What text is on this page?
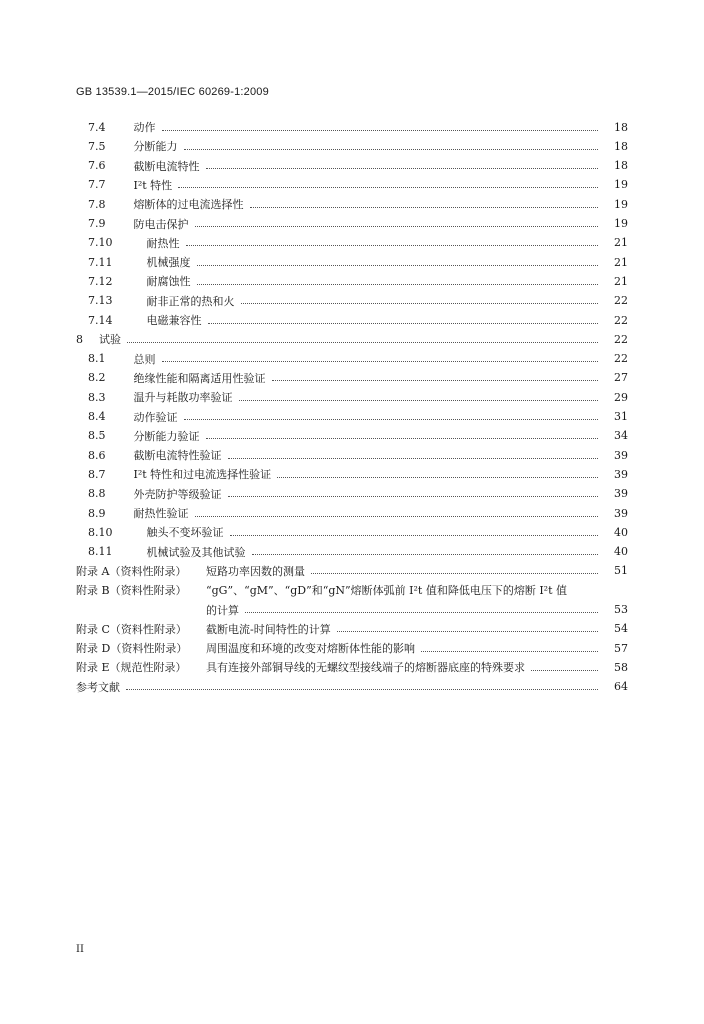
GB 13539.1—2015/IEC 60269-1:2009
7.4	动作	18
7.5	分断能力	18
7.6	截断电流特性	18
7.7	I²t 特性	19
7.8	熔断体的过电流选择性	19
7.9	防电击保护	19
7.10	耐热性	21
7.11	机械强度	21
7.12	耐腐蚀性	21
7.13	耐非正常的热和火	22
7.14	电磁兼容性	22
8 试验	22
8.1	总则	22
8.2	绝缘性能和隔离适用性验证	27
8.3	温升与耗散功率验证	29
8.4	动作验证	31
8.5	分断能力验证	34
8.6	截断电流特性验证	39
8.7	I²t 特性和过电流选择性验证	39
8.8	外壳防护等级验证	39
8.9	耐热性验证	39
8.10	触头不变坏验证	40
8.11	机械试验及其他试验	40
附录 A（资料性附录）	短路功率因数的测量	51
附录 B（资料性附录）	“gG”、“gM”、“gD”和“gN”熔断体弧前 I²t 值和降低电压下的熔断 I²t 值
的计算	53
附录 C（资料性附录）	截断电流-时间特性的计算	54
附录 D（资料性附录）	周围温度和环境的改变对熔断体性能的影响	57
附录 E（规范性附录）	具有连接外部铜导线的无螺纹型接线端子的熔断器底座的特殊要求	58
参考文献	64
II
